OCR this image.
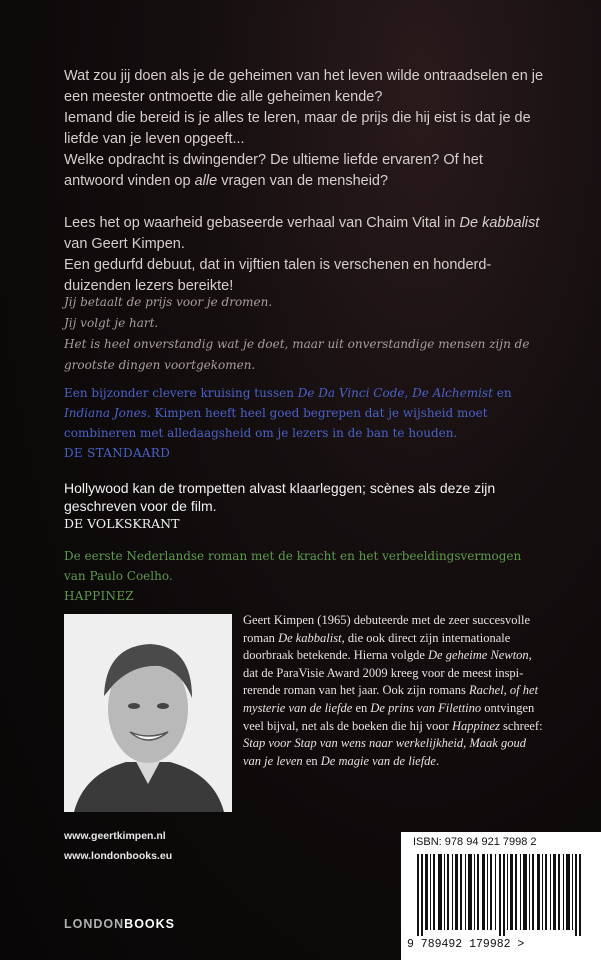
Wat zou jij doen als je de geheimen van het leven wilde ontraadselen en je een meester ontmoette die alle geheimen kende?
Iemand die bereid is je alles te leren, maar de prijs die hij eist is dat je de liefde van je leven opgeeft...
Welke opdracht is dwingender? De ultieme liefde ervaren? Of het antwoord vinden op alle vragen van de mensheid?

Lees het op waarheid gebaseerde verhaal van Chaim Vital in De kabbalist van Geert Kimpen.
Een gedurfd debuut, dat in vijftien talen is verschenen en honderd-duizenden lezers bereikte!

Jij betaalt de prijs voor je dromen.
Jij volgt je hart.
Het is heel onverstandig wat je doet, maar uit onverstandige mensen zijn de grootste dingen voortgekomen.
Een bijzonder clevere kruising tussen De Da Vinci Code, De Alchemist en Indiana Jones. Kimpen heeft heel goed begrepen dat je wijsheid moet combineren met alledaagsheid om je lezers in de ban te houden.
DE STANDAARD
Hollywood kan de trompetten alvast klaarleggen; scènes als deze zijn geschreven voor de film.
DE VOLKSKRANT
De eerste Nederlandse roman met de kracht en het verbeeldingsvermogen van Paulo Coelho.
HAPPINEZ
Geert Kimpen (1965) debuteerde met de zeer succesvolle roman De kabbalist, die ook direct zijn internationale doorbraak betekende. Hierna volgde De geheime Newton, dat de ParaVisie Award 2009 kreeg voor de meest inspi-rerende roman van het jaar. Ook zijn romans Rachel, of het mysterie van de liefde en De prins van Filettino ontvingen veel bijval, net als de boeken die hij voor Happinez schreef: Stap voor Stap van wens naar werkelijkheid, Maak goud van je leven en De magie van de liefde.
www.geertkimpen.nl
www.londonbooks.eu
LONDONBOOKS
ISBN: 978 94 921 7998 2
9 789492 179982 >
